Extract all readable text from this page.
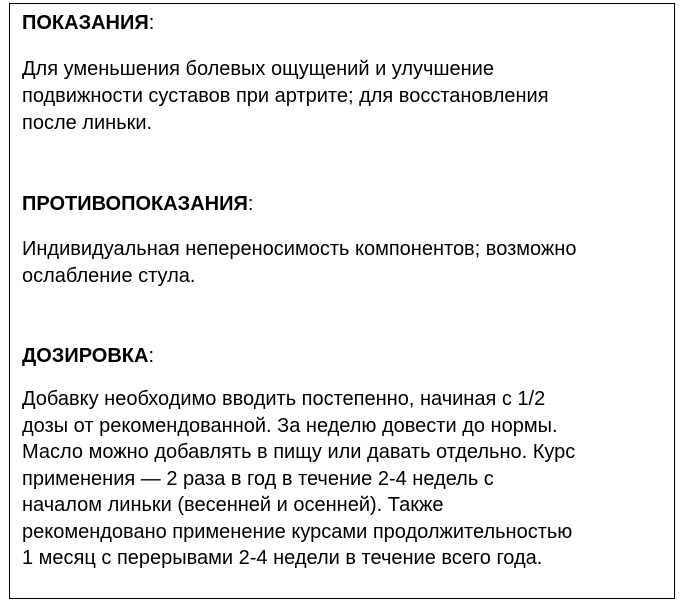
ПОКАЗАНИЯ:

Для уменьшения болевых ощущений и улучшение
подвижности суставов при артрите; для восстановления
после линьки.

ПРОТИВОПОКАЗАНИЯ:

Индивидуальная непереносимость компонентов; возможно
ослабление стула.

ДОЗИРОВКА:

Добавку необходимо вводить постепенно, начиная с 1/2
дозы от рекомендованной. За неделю довести до нормы.
Масло можно добавлять в пищу или давать отдельно. Курс
применения — 2 раза в год в течение 2-4 недель с
началом линьки (весенней и осенней). Также
рекомендовано применение курсами продолжительностью
1 месяц с перерывами 2-4 недели в течение всего года.
